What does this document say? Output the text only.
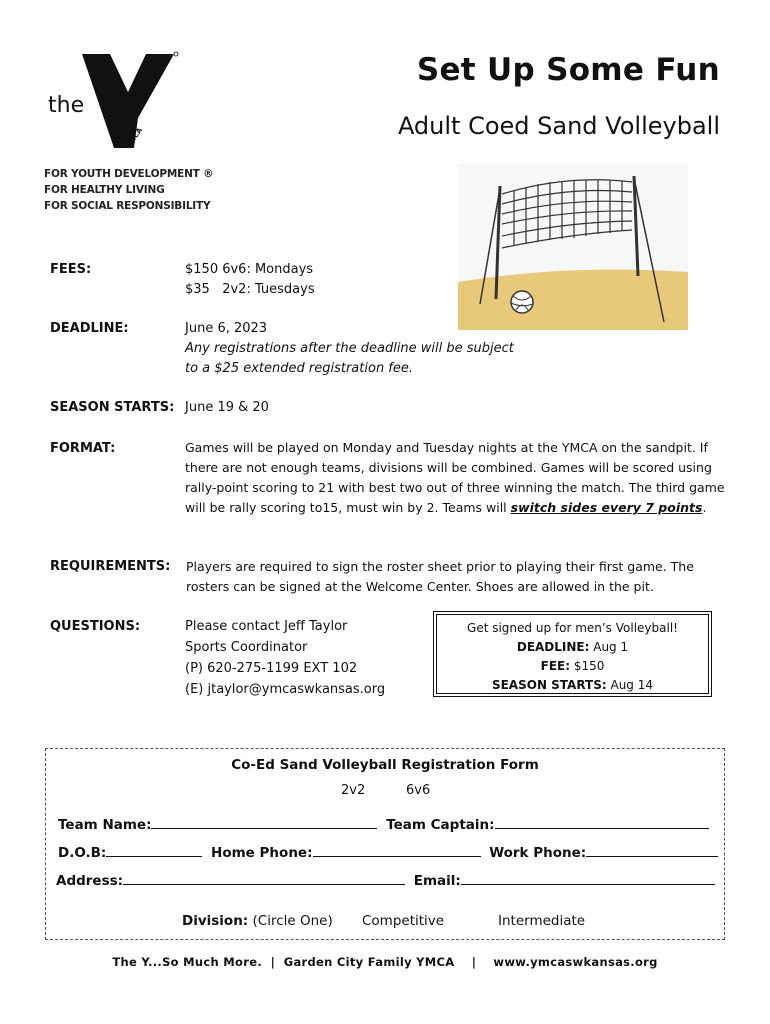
the
YMCA
FOR YOUTH DEVELOPMENT ®
FOR HEALTHY LIVING
FOR SOCIAL RESPONSIBILITY
Set Up Some Fun
Adult Coed Sand Volleyball
FEES:	$150 6v6: Mondays
$35   2v2: Tuesdays
DEADLINE:	June 6, 2023
Any registrations after the deadline will be subject
to a $25 extended registration fee.
SEASON STARTS: June 19 & 20
FORMAT:	Games will be played on Monday and Tuesday nights at the YMCA on the sandpit. If there are not enough teams, divisions will be combined. Games will be scored using rally-point scoring to 21 with best two out of three winning the match. The third game will be rally scoring to15, must win by 2. Teams will switch sides every 7 points.
REQUIREMENTS: Players are required to sign the roster sheet prior to playing their first game. The rosters can be signed at the Welcome Center. Shoes are allowed in the pit.
QUESTIONS:	Please contact Jeff Taylor
Sports Coordinator
(P) 620-275-1199 EXT 102
(E) jtaylor@ymcaswkansas.org
Get signed up for men’s Volleyball!
DEADLINE: Aug 1
FEE: $150
SEASON STARTS: Aug 14
Co-Ed Sand Volleyball Registration Form
2v2	6v6
Team Name:	Team Captain:
D.O.B:	Home Phone:	Work Phone:
Address:	Email:
Division: (Circle One) Competitive	Intermediate
The Y...So Much More.  |  Garden City Family YMCA    |    www.ymcaswkansas.org
